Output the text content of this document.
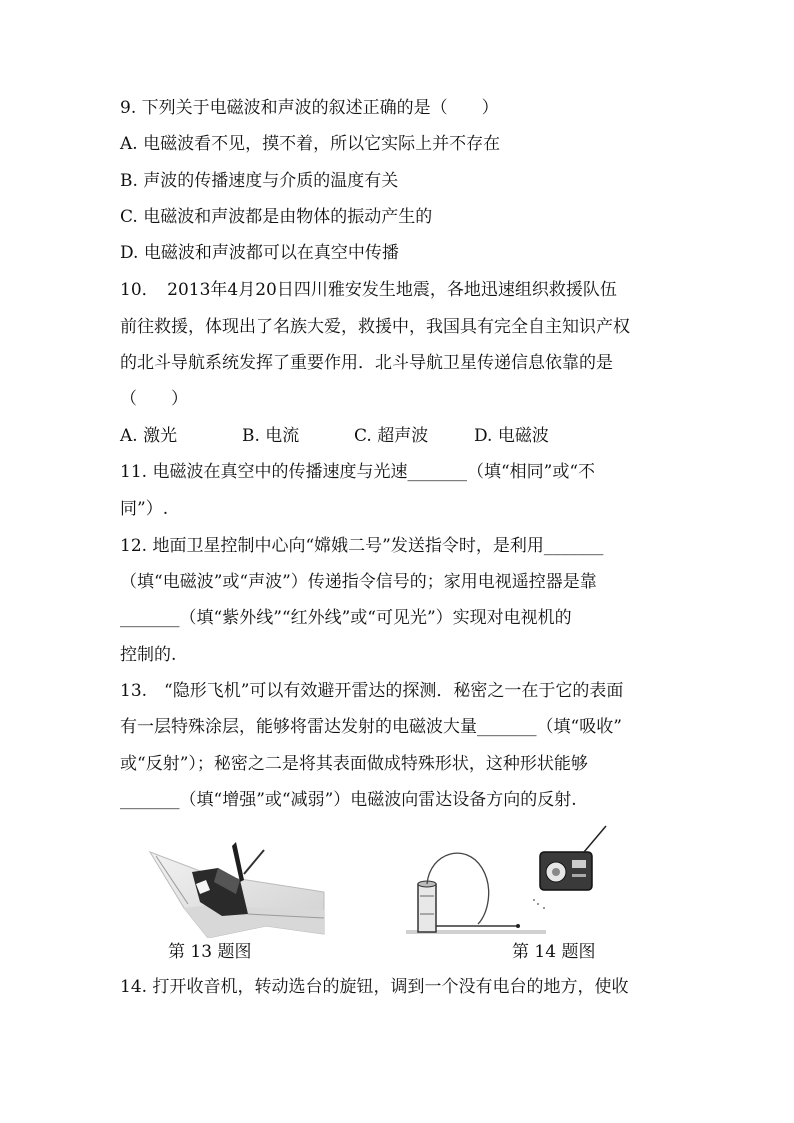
9. 下列关于电磁波和声波的叙述正确的是（　　）
A. 电磁波看不见，摸不着，所以它实际上并不存在
B. 声波的传播速度与介质的温度有关
C. 电磁波和声波都是由物体的振动产生的
D. 电磁波和声波都可以在真空中传播
10．　2013年4月20日四川雅安发生地震，各地迅速组织救援队伍
前往救援，体现出了名族大爱，救援中，我国具有完全自主知识产权
的北斗导航系统发挥了重要作用．北斗导航卫星传递信息依靠的是
（　　）
A. 激光	B. 电流	C. 超声波	D. 电磁波
11. 电磁波在真空中的传播速度与光速_______（填“相同”或“不
同”）.
12. 地面卫星控制中心向“嫦娥二号”发送指令时，是利用_______
（填“电磁波”或“声波”）传递指令信号的；家用电视遥控器是靠
_______（填“紫外线”“红外线”或“可见光”）实现对电视机的
控制的.
13.　“隐形飞机”可以有效避开雷达的探测．秘密之一在于它的表面
有一层特殊涂层，能够将雷达发射的电磁波大量_______（填“吸收”
或“反射”）；秘密之二是将其表面做成特殊形状，这种形状能够
_______（填“增强”或“减弱”）电磁波向雷达设备方向的反射.
第 13 题图	第 14 题图
14. 打开收音机，转动选台的旋钮，调到一个没有电台的地方，使收
